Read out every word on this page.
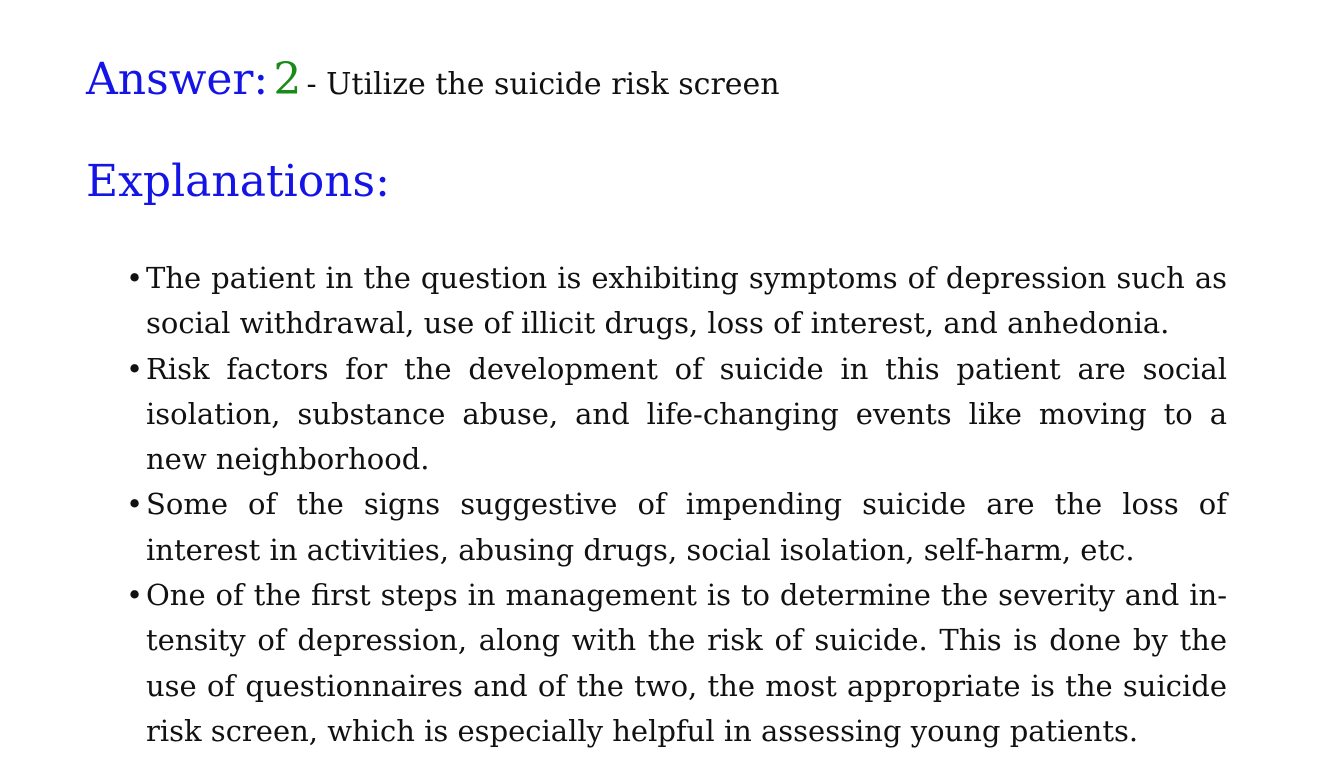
Answer: 2 - Utilize the suicide risk screen
Explanations:
• The patient in the question is exhibiting symptoms of depression such as social withdrawal, use of illicit drugs, loss of interest, and anhedonia.
• Risk factors for the development of suicide in this patient are social isolation, substance abuse, and life-changing events like moving to a new neighborhood.
• Some of the signs suggestive of impending suicide are the loss of interest in activities, abusing drugs, social isolation, self-harm, etc.
• One of the first steps in management is to determine the severity and intensity of depression, along with the risk of suicide. This is done by the use of questionnaires and of the two, the most appropriate is the suicide risk screen, which is especially helpful in assessing young patients.
